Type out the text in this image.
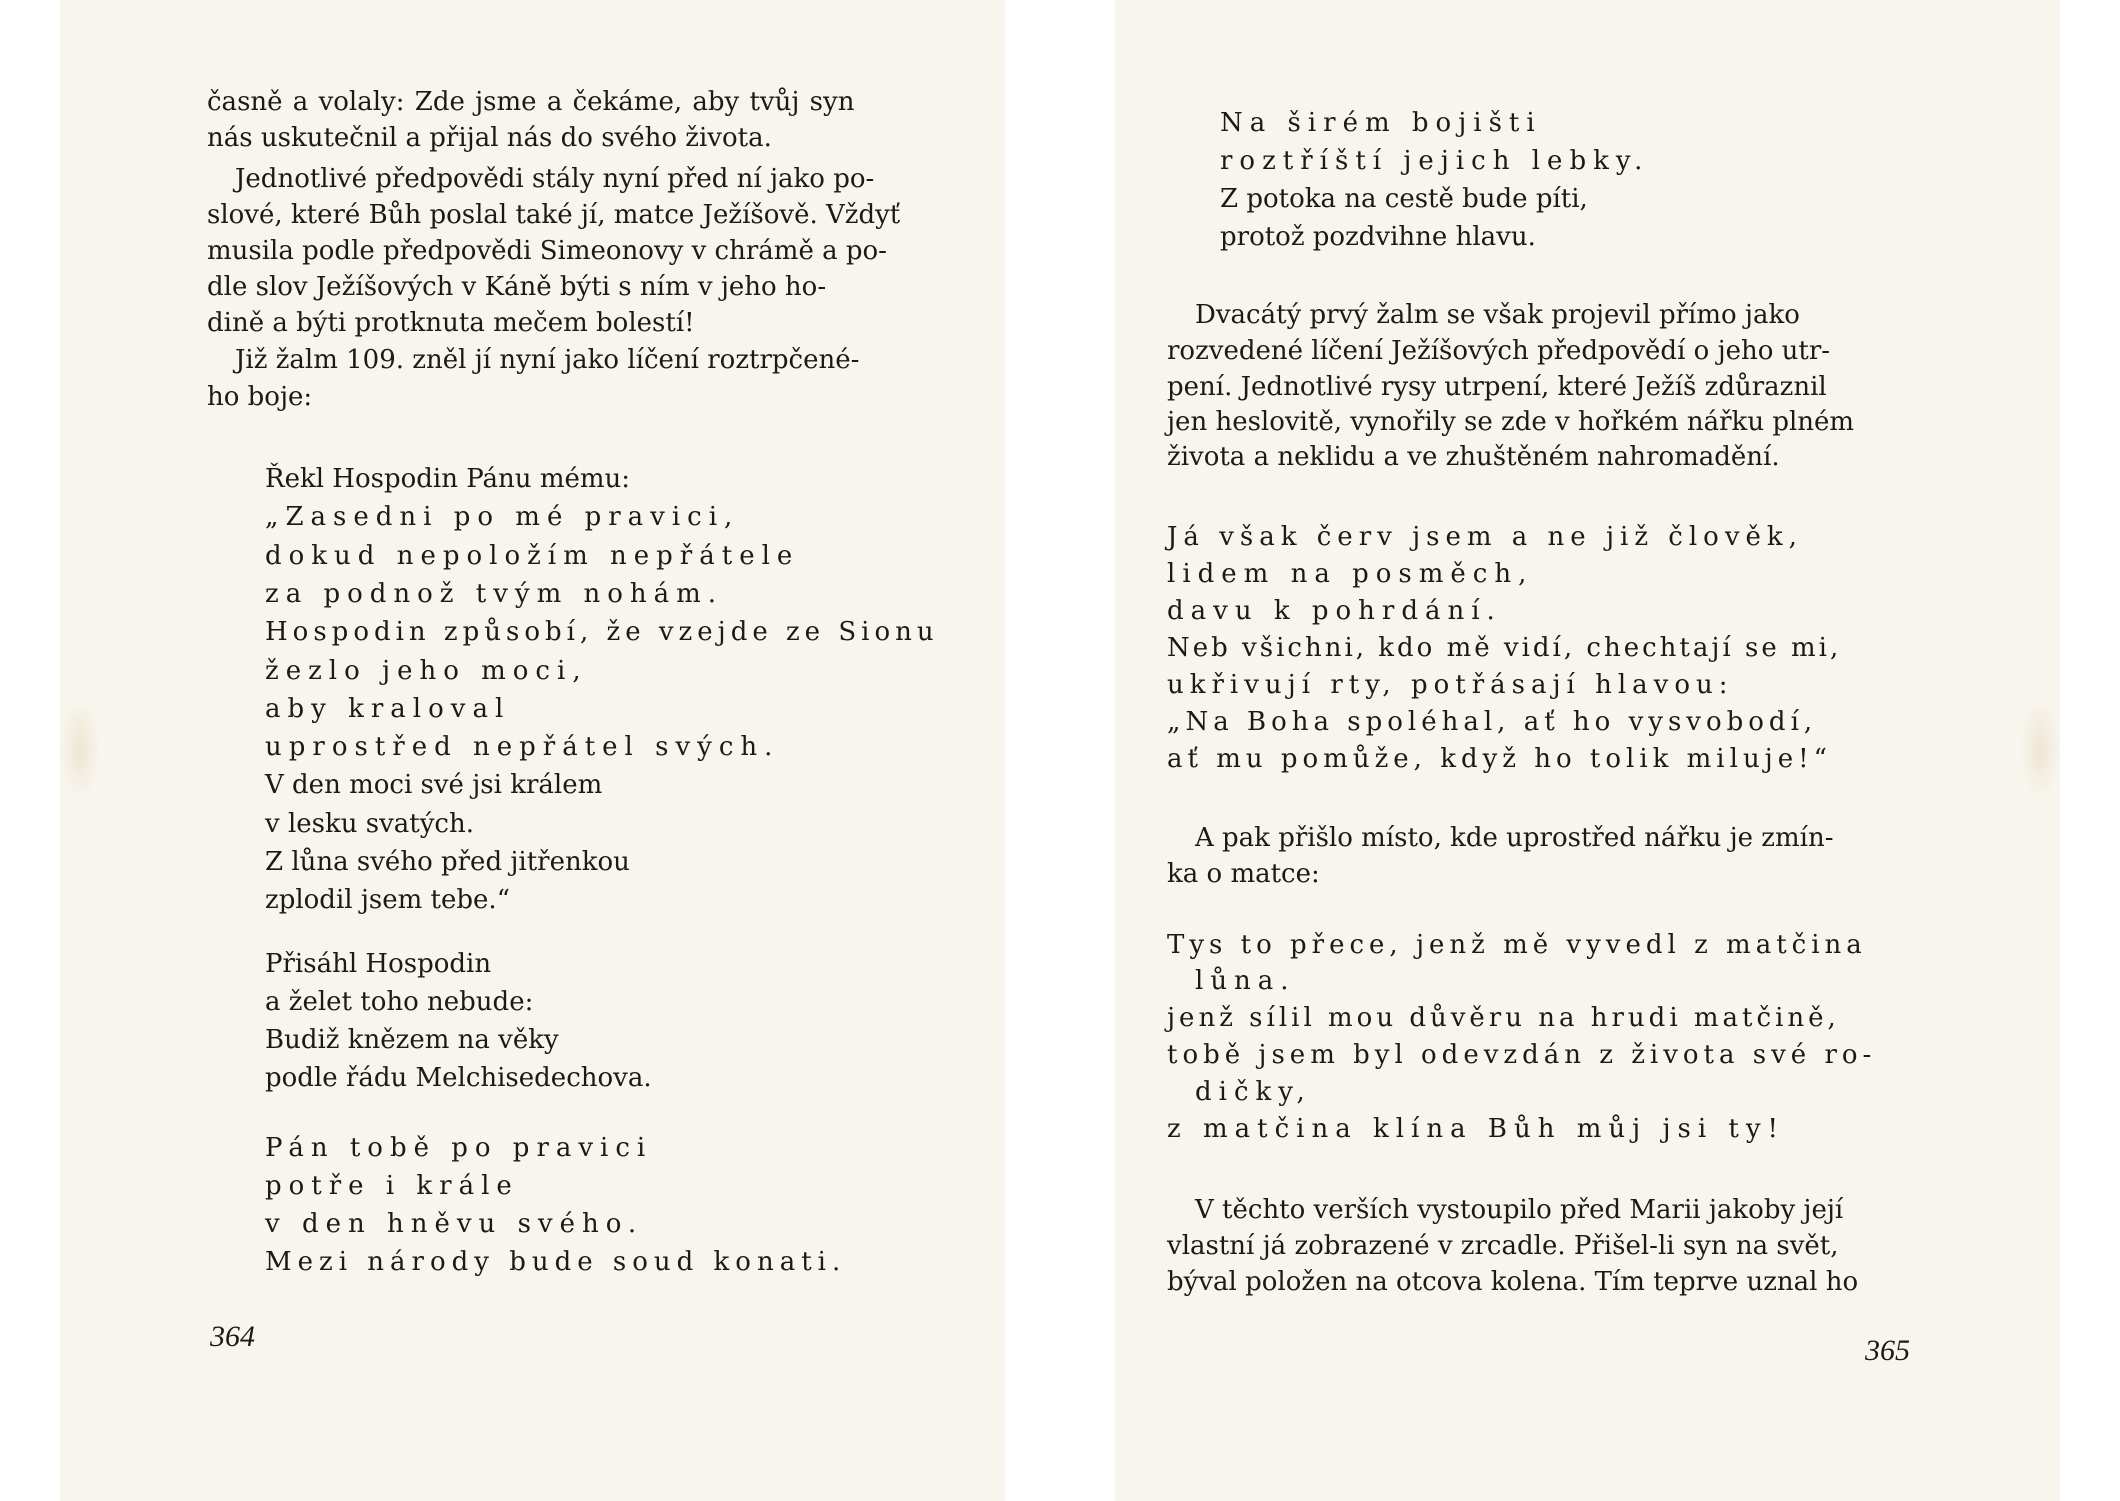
časně a volaly: Zde jsme a čekáme, aby tvůj syn
nás uskutečnil a přijal nás do svého života.
Jednotlivé předpovědi stály nyní před ní jako po-
slové, které Bůh poslal také jí, matce Ježíšově. Vždyť
musila podle předpovědi Simeonovy v chrámě a po-
dle slov Ježíšových v Káně býti s ním v jeho ho-
dině a býti protknuta mečem bolestí!
Již žalm 109. zněl jí nyní jako líčení roztrpčené-
ho boje:
Řekl Hospodin Pánu mému:
„Zasedni po mé pravici,
dokud nepoložím nepřátele
za podnož tvým nohám.
Hospodin způsobí, že vzejde ze Sionu
žezlo jeho moci,
aby kraloval
uprostřed nepřátel svých.
V den moci své jsi králem
v lesku svatých.
Z lůna svého před jitřenkou
zplodil jsem tebe.“
Přisáhl Hospodin
a želet toho nebude:
Budiž knězem na věky
podle řádu Melchisedechova.
Pán tobě po pravici
potře i krále
v den hněvu svého.
Mezi národy bude soud konati.
364
Na širém bojišti
roztříští jejich lebky.
Z potoka na cestě bude píti,
protož pozdvihne hlavu.
Dvacátý prvý žalm se však projevil přímo jako
rozvedené líčení Ježíšových předpovědí o jeho utr-
pení. Jednotlivé rysy utrpení, které Ježíš zdůraznil
jen heslovitě, vynořily se zde v hořkém nářku plném
života a neklidu a ve zhuštěném nahromadění.
Já však červ jsem a ne již člověk,
lidem na posměch,
davu k pohrdání.
Neb všichni, kdo mě vidí, chechtají se mi,
ukřivují rty, potřásají hlavou:
„Na Boha spoléhal, ať ho vysvobodí,
ať mu pomůže, když ho tolik miluje!“
A pak přišlo místo, kde uprostřed nářku je zmín-
ka o matce:
Tys to přece, jenž mě vyvedl z matčina
lůna.
jenž sílil mou důvěru na hrudi matčině,
tobě jsem byl odevzdán z života své ro-
dičky,
z matčina klína Bůh můj jsi ty!
V těchto verších vystoupilo před Marii jakoby její
vlastní já zobrazené v zrcadle. Přišel-li syn na svět,
býval položen na otcova kolena. Tím teprve uznal ho
365
